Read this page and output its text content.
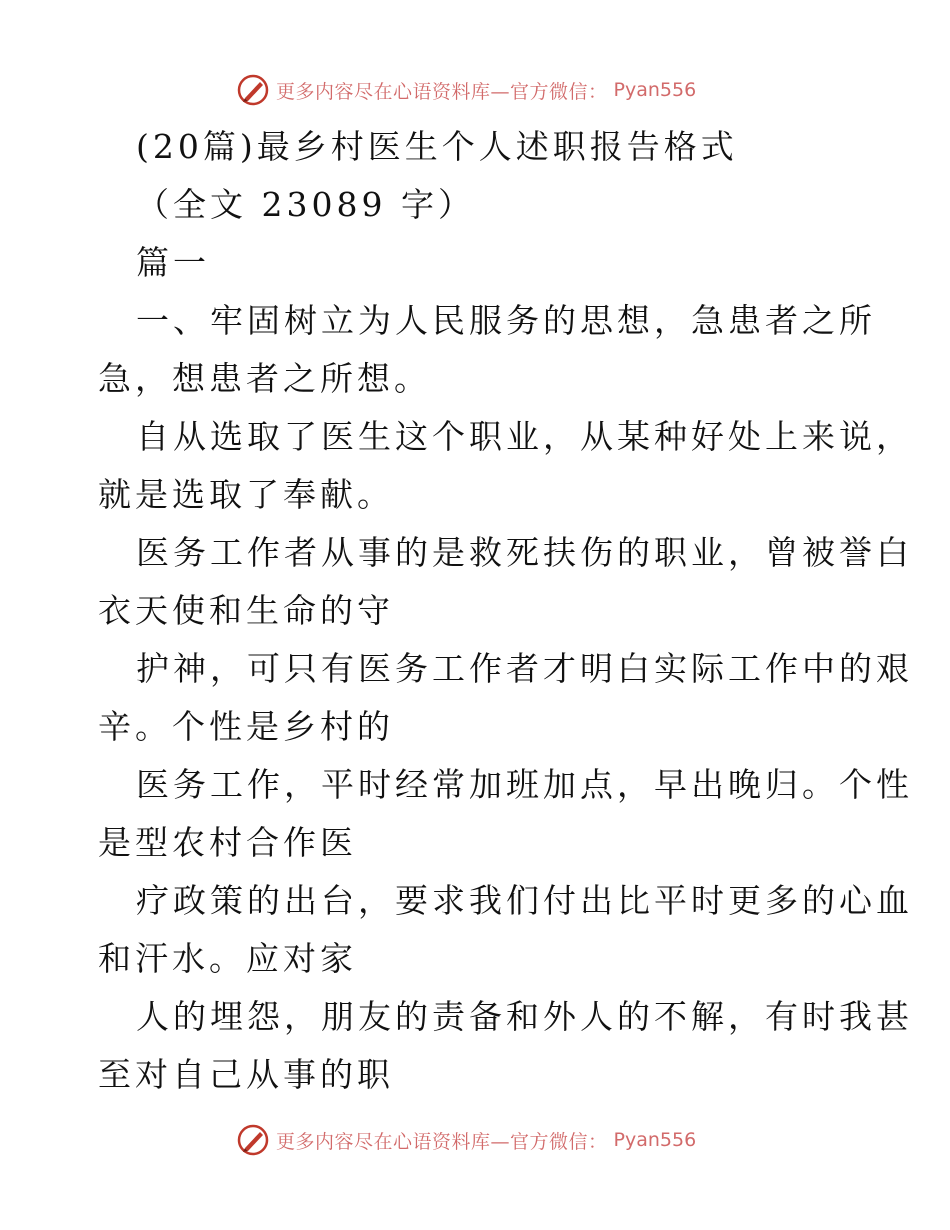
更多内容尽在心语资料库—官方微信： Pyan556
(20篇)最乡村医生个人述职报告格式
（全文 23089 字）
篇一
一、牢固树立为人民服务的思想，急患者之所
急，想患者之所想。
自从选取了医生这个职业，从某种好处上来说，
就是选取了奉献。
医务工作者从事的是救死扶伤的职业，曾被誉白
衣天使和生命的守
护神，可只有医务工作者才明白实际工作中的艰
辛。个性是乡村的
医务工作，平时经常加班加点，早出晚归。个性
是型农村合作医
疗政策的出台，要求我们付出比平时更多的心血
和汗水。应对家
人的埋怨，朋友的责备和外人的不解，有时我甚
至对自己从事的职
更多内容尽在心语资料库—官方微信： Pyan556
